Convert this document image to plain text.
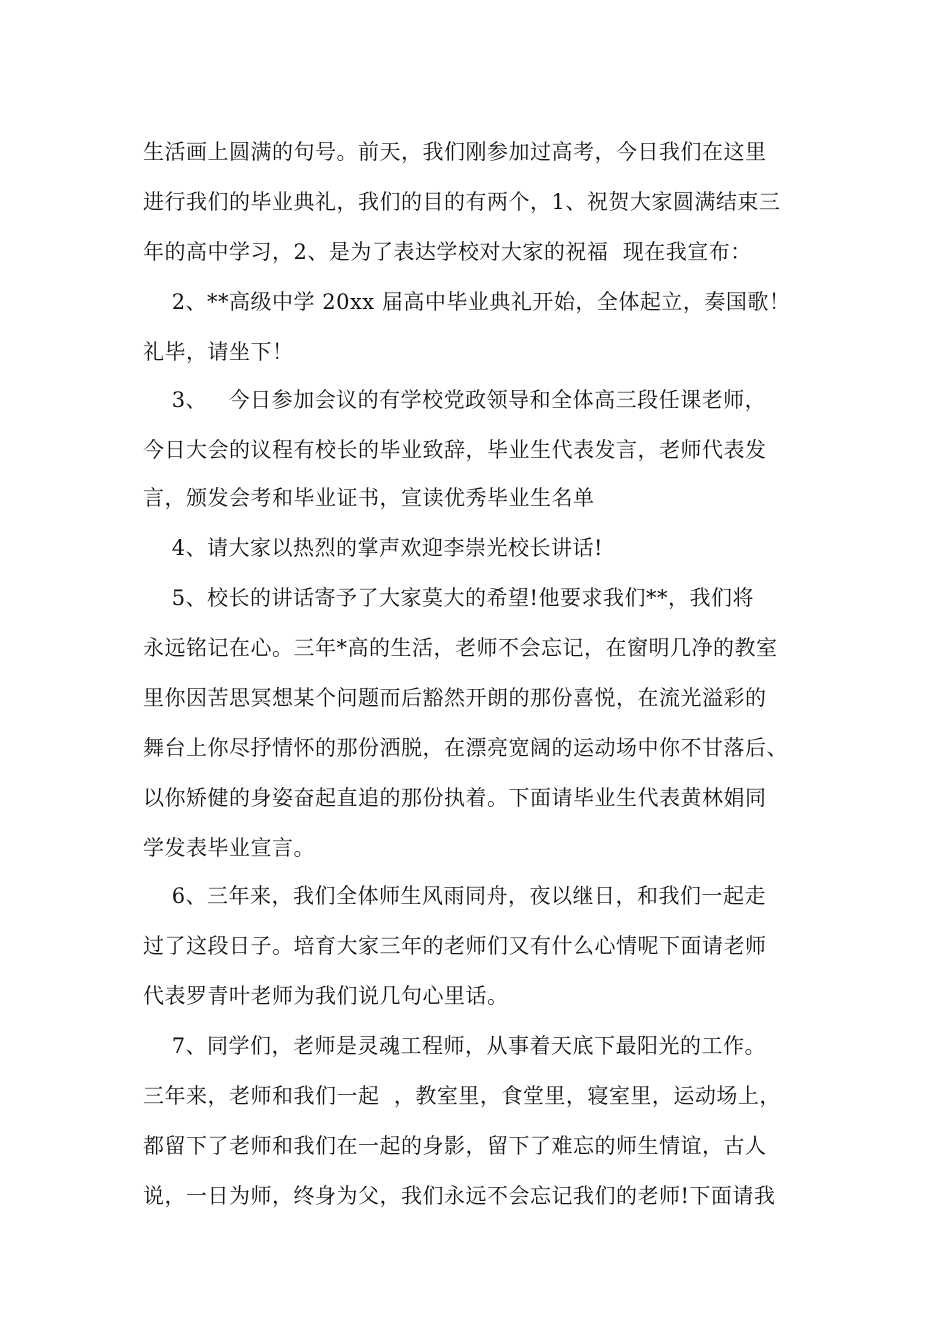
生活画上圆满的句号。前天，我们刚参加过高考，今日我们在这里
进行我们的毕业典礼，我们的目的有两个，1、祝贺大家圆满结束三
年的高中学习，2、是为了表达学校对大家的祝福  现在我宣布：
2、**高级中学 20xx 届高中毕业典礼开始，全体起立，奏国歌！
礼毕，请坐下！
3、   今日参加会议的有学校党政领导和全体高三段任课老师，
今日大会的议程有校长的毕业致辞，毕业生代表发言，老师代表发
言，颁发会考和毕业证书，宣读优秀毕业生名单
4、请大家以热烈的掌声欢迎李崇光校长讲话!
5、校长的讲话寄予了大家莫大的希望!他要求我们**，我们将
永远铭记在心。三年*高的生活，老师不会忘记，在窗明几净的教室
里你因苦思冥想某个问题而后豁然开朗的那份喜悦，在流光溢彩的
舞台上你尽抒情怀的那份洒脱，在漂亮宽阔的运动场中你不甘落后、
以你矫健的身姿奋起直追的那份执着。下面请毕业生代表黄林娟同
学发表毕业宣言。
6、三年来，我们全体师生风雨同舟，夜以继日，和我们一起走
过了这段日子。培育大家三年的老师们又有什么心情呢下面请老师
代表罗青叶老师为我们说几句心里话。
7、同学们，老师是灵魂工程师，从事着天底下最阳光的工作。
三年来，老师和我们一起  ，教室里，食堂里，寝室里，运动场上，
都留下了老师和我们在一起的身影，留下了难忘的师生情谊，古人
说，一日为师，终身为父，我们永远不会忘记我们的老师!下面请我
